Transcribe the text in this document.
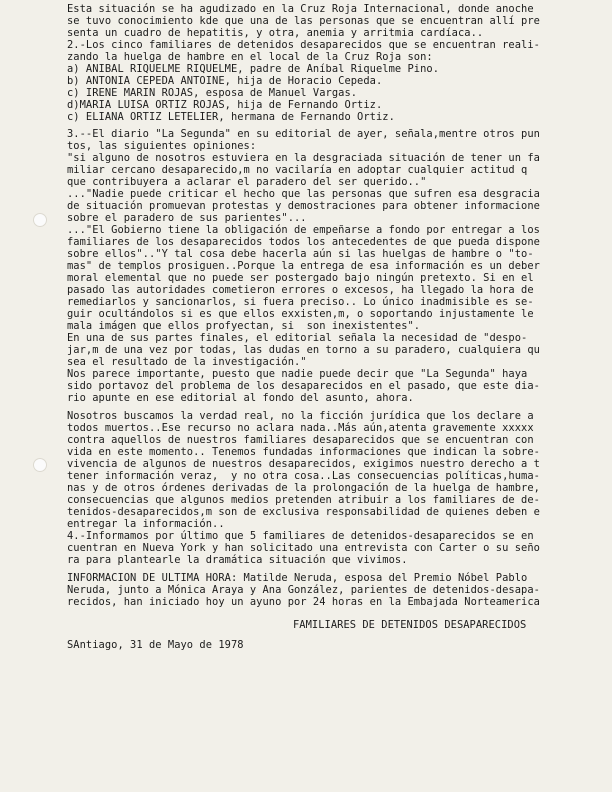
Esta situación se ha agudizado en la Cruz Roja Internacional, donde anoche
se tuvo conocimiento kde que una de las personas que se encuentran allí pre
senta un cuadro de hepatitis, y otra, anemia y arritmia cardíaca..
2.-Los cinco familiares de detenidos desaparecidos que se encuentran reali-
zando la huelga de hambre en el local de la Cruz Roja son:
a) ANIBAL RIQUELME RIQUELME, padre de Aníbal Riquelme Pino.
b) ANTONIA CEPEDA ANTOINE, hija de Horacio Cepeda.
c) IRENE MARIN ROJAS, esposa de Manuel Vargas.
d)MARIA LUISA ORTIZ ROJAS, hija de Fernando Ortiz.
c) ELIANA ORTIZ LETELIER, hermana de Fernando Ortiz.
3.--El diario "La Segunda" en su editorial de ayer, señala,mentre otros pun
tos, las siguientes opiniones:
"si alguno de nosotros estuviera en la desgraciada situación de tener un fa
miliar cercano desaparecido,m no vacilaría en adoptar cualquier actitud q
que contribuyera a aclarar el paradero del ser querido.."
..."Nadie puede criticar el hecho que las personas que sufren esa desgracia
de situación promuevan protestas y demostraciones para obtener informacione
sobre el paradero de sus parientes"...
..."El Gobierno tiene la obligación de empeñarse a fondo por entregar a los
familiares de los desaparecidos todos los antecedentes de que pueda dispone
sobre ellos".."Y tal cosa debe hacerla aún si las huelgas de hambre o "to-
mas" de templos prosiguen..Porque la entrega de esa información es un deber
moral elemental que no puede ser postergado bajo ningún pretexto. Si en el
pasado las autoridades cometieron errores o excesos, ha llegado la hora de
remediarlos y sancionarlos, si fuera preciso.. Lo único inadmisible es se-
guir ocultándolos si es que ellos exxisten,m, o soportando injustamente le
mala imágen que ellos profyectan, si  son inexistentes".
En una de sus partes finales, el editorial señala la necesidad de "despo-
jar,m de una vez por todas, las dudas en torno a su paradero, cualquiera qu
sea el resultado de la investigación."
Nos parece importante, puesto que nadie puede decir que "La Segunda" haya
sido portavoz del problema de los desaparecidos en el pasado, que este dia-
rio apunte en ese editorial al fondo del asunto, ahora.
Nosotros buscamos la verdad real, no la ficción jurídica que los declare a
todos muertos..Ese recurso no aclara nada..Más aún,atenta gravemente xxxxx
contra aquellos de nuestros familiares desaparecidos que se encuentran con
vida en este momento.. Tenemos fundadas informaciones que indican la sobre-
vivencia de algunos de nuestros desaparecidos, exigimos nuestro derecho a t
tener información veraz,  y no otra cosa..Las consecuencias políticas,huma-
nas y de otros órdenes derivadas de la prolongación de la huelga de hambre,
consecuencias que algunos medios pretenden atribuir a los familiares de de-
tenidos-desaparecidos,m son de exclusiva responsabilidad de quienes deben e
entregar la información..
4.-Informamos por último que 5 familiares de detenidos-desaparecidos se en
cuentran en Nueva York y han solicitado una entrevista con Carter o su seño
ra para plantearle la dramática situación que vivimos.
INFORMACION DE ULTIMA HORA: Matilde Neruda, esposa del Premio Nóbel Pablo
Neruda, junto a Mónica Araya y Ana González, parientes de detenidos-desapa-
recidos, han iniciado hoy un ayuno por 24 horas en la Embajada Norteamerica
FAMILIARES DE DETENIDOS DESAPARECIDOS
SAntiago, 31 de Mayo de 1978
